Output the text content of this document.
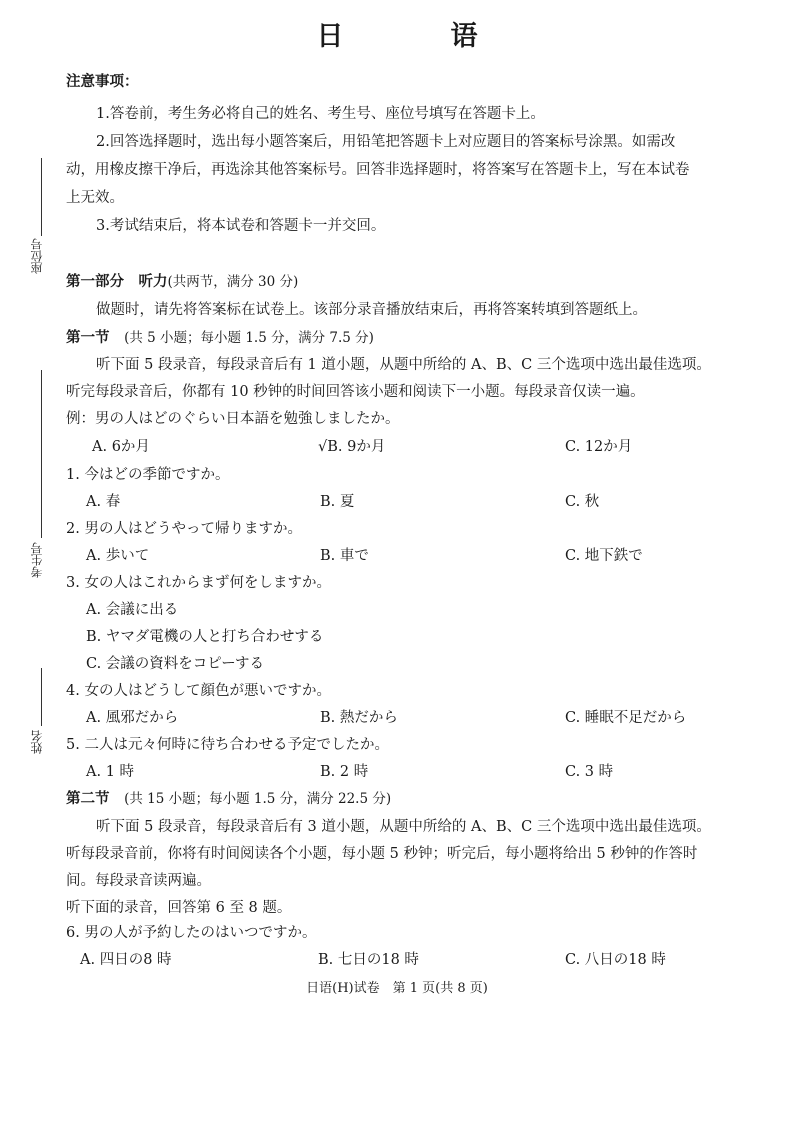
座位号
考生号
姓名
日　语
注意事项：
1.答卷前，考生务必将自己的姓名、考生号、座位号填写在答题卡上。
2.回答选择题时，选出每小题答案后，用铅笔把答题卡上对应题目的答案标号涂黑。如需改
动，用橡皮擦干净后，再选涂其他答案标号。回答非选择题时，将答案写在答题卡上，写在本试卷
上无效。
3.考试结束后，将本试卷和答题卡一并交回。
第一部分　听力(共两节，满分 30 分)
做题时，请先将答案标在试卷上。该部分录音播放结束后，再将答案转填到答题纸上。
第一节 (共 5 小题；每小题 1.5 分，满分 7.5 分)
听下面 5 段录音，每段录音后有 1 道小题，从题中所给的 A、B、C 三个选项中选出最佳选项。
听完每段录音后，你都有 10 秒钟的时间回答该小题和阅读下一小题。每段录音仅读一遍。
例：男の人はどのぐらい日本語を勉強しましたか。
A. 6か月	√B. 9か月	C. 12か月
1. 今はどの季節ですか。
A. 春	B. 夏	C. 秋
2. 男の人はどうやって帰りますか。
A. 歩いて	B. 車で	C. 地下鉄で
3. 女の人はこれからまず何をしますか。
A. 会議に出る
B. ヤマダ電機の人と打ち合わせする
C. 会議の資料をコピーする
4. 女の人はどうして顔色が悪いですか。
A. 風邪だから	B. 熱だから	C. 睡眠不足だから
5. 二人は元々何時に待ち合わせる予定でしたか。
A. 1 時	B. 2 時	C. 3 時
第二节 (共 15 小题；每小题 1.5 分，满分 22.5 分)
听下面 5 段录音，每段录音后有 3 道小题，从题中所给的 A、B、C 三个选项中选出最佳选项。
听每段录音前，你将有时间阅读各个小题，每小题 5 秒钟；听完后，每小题将给出 5 秒钟的作答时
间。每段录音读两遍。
听下面的录音，回答第 6 至 8 题。
6. 男の人が予約したのはいつですか。
A. 四日の8 時	B. 七日の18 時	C. 八日の18 時
日语(H)试卷　第 1 页(共 8 页)
